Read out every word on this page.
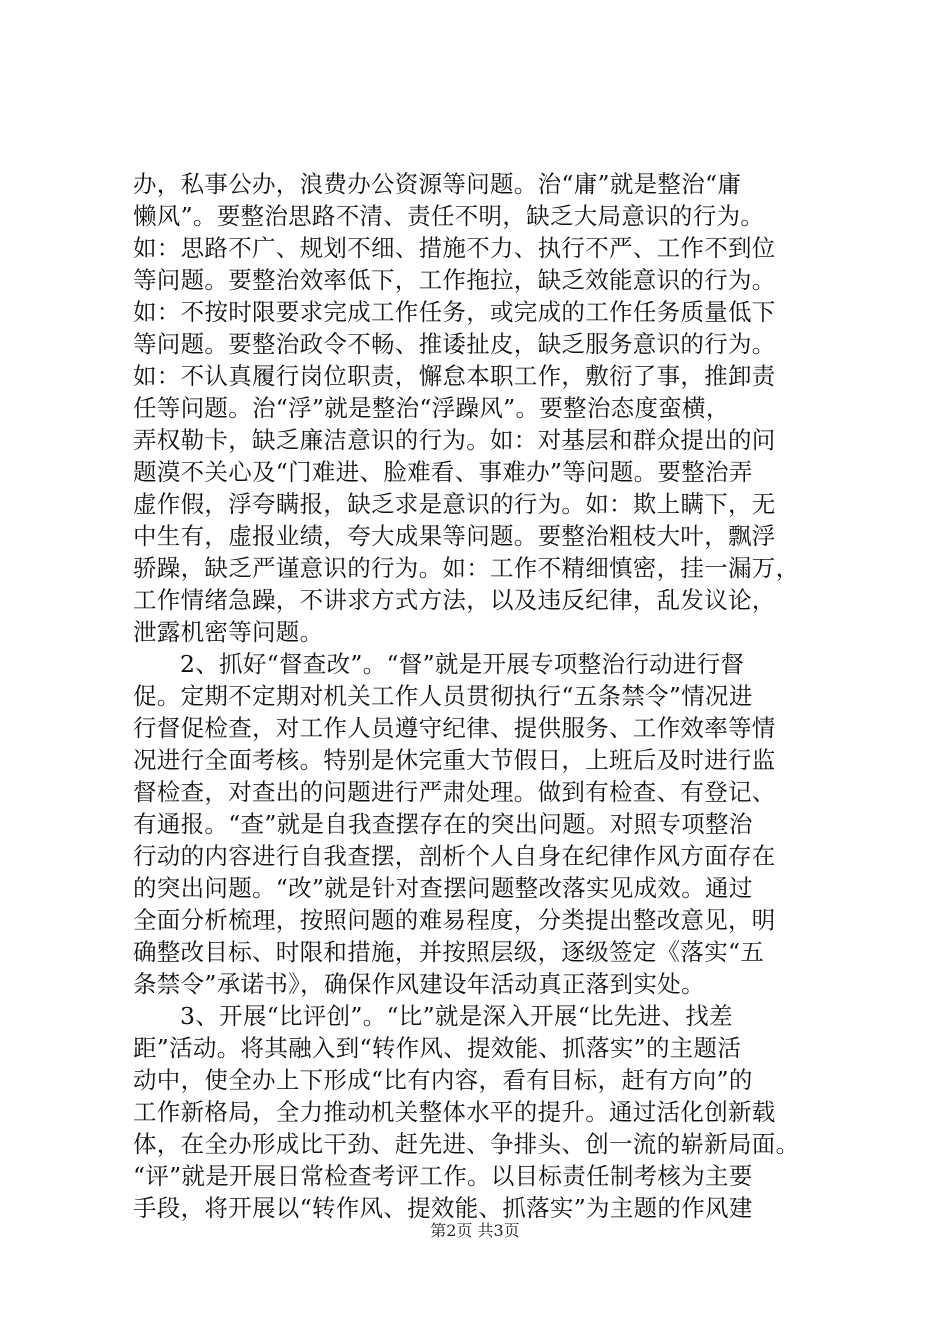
办，私事公办，浪费办公资源等问题。治“庸”就是整治“庸
懒风”。要整治思路不清、责任不明，缺乏大局意识的行为。
如：思路不广、规划不细、措施不力、执行不严、工作不到位
等问题。要整治效率低下，工作拖拉，缺乏效能意识的行为。
如：不按时限要求完成工作任务，或完成的工作任务质量低下
等问题。要整治政令不畅、推诿扯皮，缺乏服务意识的行为。
如：不认真履行岗位职责，懈怠本职工作，敷衍了事，推卸责
任等问题。治“浮”就是整治“浮躁风”。要整治态度蛮横，
弄权勒卡，缺乏廉洁意识的行为。如：对基层和群众提出的问
题漠不关心及“门难进、脸难看、事难办”等问题。要整治弄
虚作假，浮夸瞒报，缺乏求是意识的行为。如：欺上瞒下，无
中生有，虚报业绩，夸大成果等问题。要整治粗枝大叶，飘浮
骄躁，缺乏严谨意识的行为。如：工作不精细慎密，挂一漏万，
工作情绪急躁，不讲求方式方法，以及违反纪律，乱发议论，
泄露机密等问题。
2、抓好“督查改”。“督”就是开展专项整治行动进行督
促。定期不定期对机关工作人员贯彻执行“五条禁令”情况进
行督促检查，对工作人员遵守纪律、提供服务、工作效率等情
况进行全面考核。特别是休完重大节假日，上班后及时进行监
督检查，对查出的问题进行严肃处理。做到有检查、有登记、
有通报。“查”就是自我查摆存在的突出问题。对照专项整治
行动的内容进行自我查摆，剖析个人自身在纪律作风方面存在
的突出问题。“改”就是针对查摆问题整改落实见成效。通过
全面分析梳理，按照问题的难易程度，分类提出整改意见，明
确整改目标、时限和措施，并按照层级，逐级签定《落实“五
条禁令”承诺书》，确保作风建设年活动真正落到实处。
3、开展“比评创”。“比”就是深入开展“比先进、找差
距”活动。将其融入到“转作风、提效能、抓落实”的主题活
动中，使全办上下形成“比有内容，看有目标，赶有方向”的
工作新格局，全力推动机关整体水平的提升。通过活化创新载
体，在全办形成比干劲、赶先进、争排头、创一流的崭新局面。
“评”就是开展日常检查考评工作。以目标责任制考核为主要
手段，将开展以“转作风、提效能、抓落实”为主题的作风建
第2页 共3页
